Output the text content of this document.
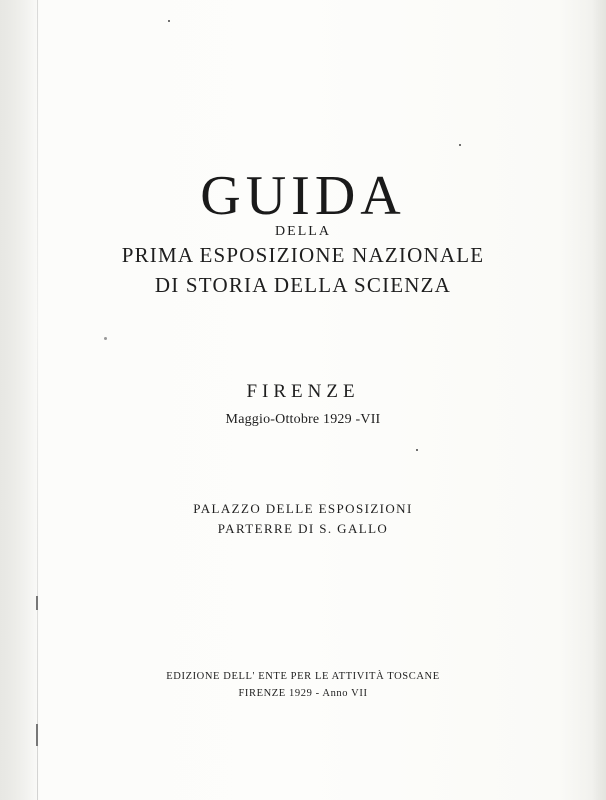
GUIDA
DELLA
PRIMA ESPOSIZIONE NAZIONALE
DI STORIA DELLA SCIENZA
FIRENZE
Maggio-Ottobre 1929 -VII
PALAZZO DELLE ESPOSIZIONI
PARTERRE DI S. GALLO
EDIZIONE DELL' ENTE PER LE ATTIVITÀ TOSCANE
FIRENZE 1929 - Anno VII
